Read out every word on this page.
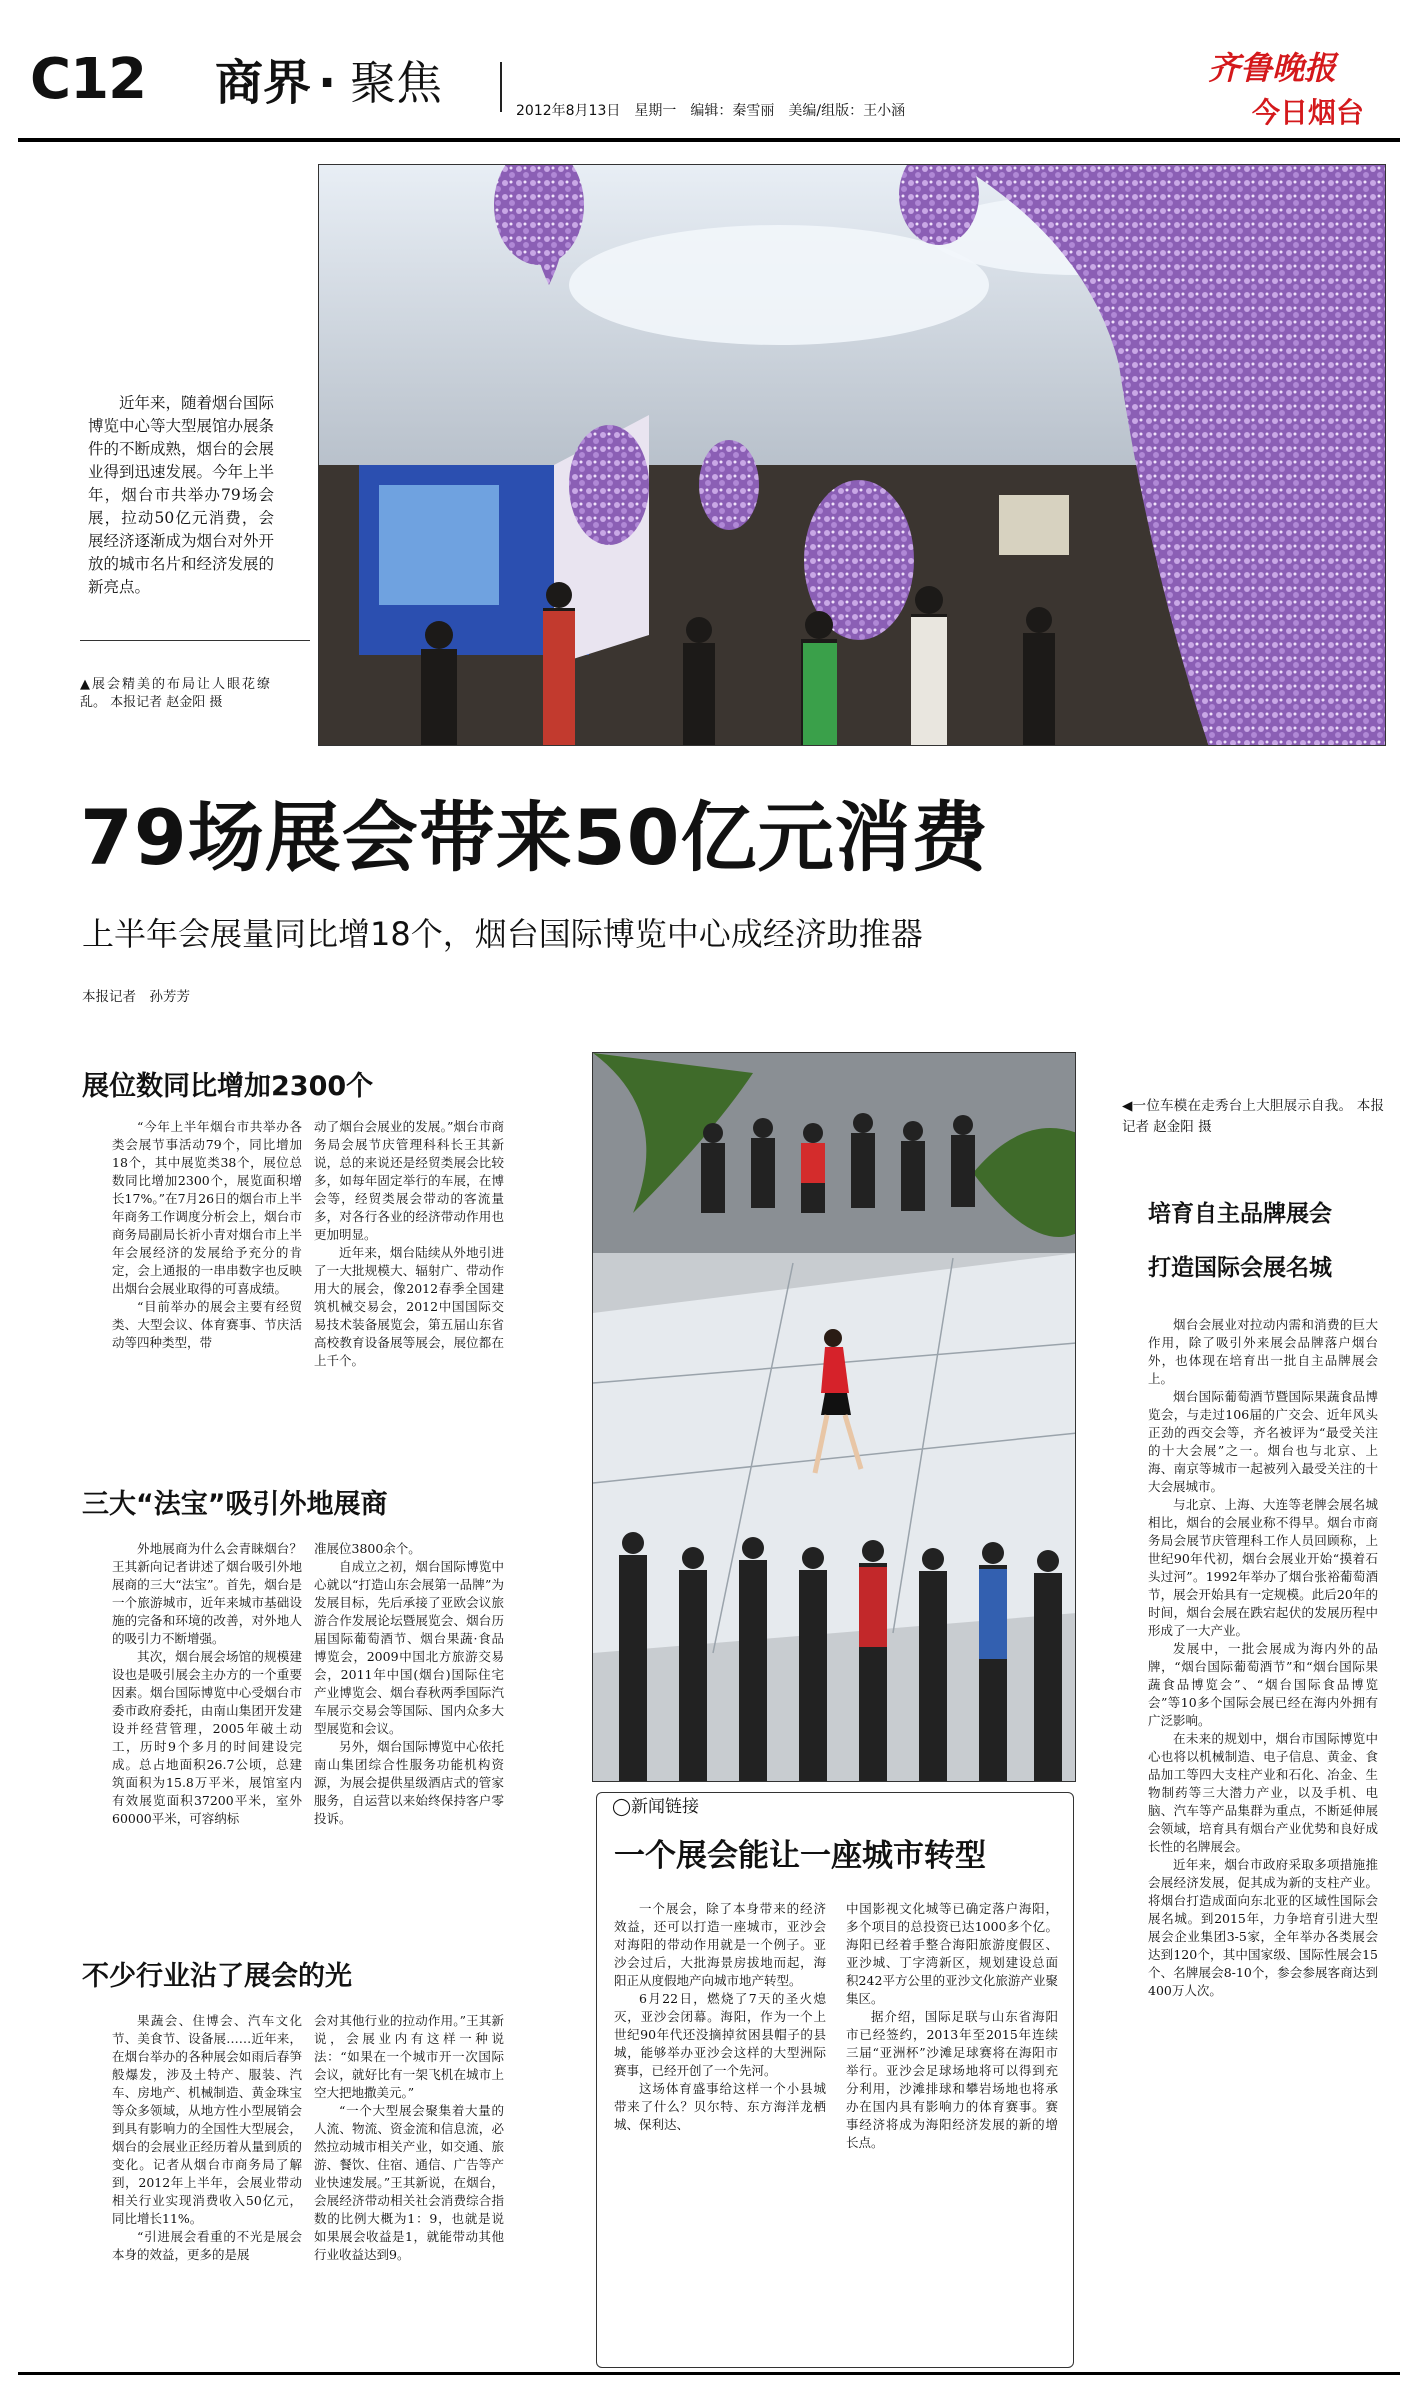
C12 商界 · 聚焦
2012年8月13日　星期一　编辑：秦雪丽　美编/组版：王小涵
齐鲁晚报
今日烟台
近年来，随着烟台国际博览中心等大型展馆办展条件的不断成熟，烟台的会展业得到迅速发展。今年上半年，烟台市共举办79场会展，拉动50亿元消费，会展经济逐渐成为烟台对外开放的城市名片和经济发展的新亮点。
▲展会精美的布局让人眼花缭乱。 本报记者 赵金阳 摄
79场展会带来50亿元消费
上半年会展量同比增18个，烟台国际博览中心成经济助推器
本报记者　孙芳芳
展位数同比增加2300个

“今年上半年烟台市共举办各类会展节事活动79个，同比增加18个，其中展览类38个，展位总数同比增加2300个，展览面积增长17%。”在7月26日的烟台市上半年商务工作调度分析会上，烟台市商务局副局长祈小青对烟台市上半年会展经济的发展给予充分的肯定，会上通报的一串串数字也反映出烟台会展业取得的可喜成绩。

“目前举办的展会主要有经贸类、大型会议、体育赛事、节庆活动等四种类型，带

动了烟台会展业的发展。”烟台市商务局会展节庆管理科科长王其新说，总的来说还是经贸类展会比较多，如每年固定举行的车展，在博会等，经贸类展会带动的客流量多，对各行各业的经济带动作用也更加明显。

近年来，烟台陆续从外地引进了一大批规模大、辐射广、带动作用大的展会，像2012春季全国建筑机械交易会，2012中国国际交易技术装备展览会，第五届山东省高校教育设备展等展会，展位都在上千个。

三大“法宝”吸引外地展商

外地展商为什么会青睐烟台？王其新向记者讲述了烟台吸引外地展商的三大“法宝”。首先，烟台是一个旅游城市，近年来城市基础设施的完备和环境的改善，对外地人的吸引力不断增强。

其次，烟台展会场馆的规模建设也是吸引展会主办方的一个重要因素。烟台国际博览中心受烟台市委市政府委托，由南山集团开发建设并经营管理，2005年破土动工，历时9个多月的时间建设完成。总占地面积26.7公顷，总建筑面积为15.8万平米，展馆室内有效展览面积37200平米，室外60000平米，可容纳标

准展位3800余个。

自成立之初，烟台国际博览中心就以“打造山东会展第一品牌”为发展目标，先后承接了亚欧会议旅游合作发展论坛暨展览会、烟台历届国际葡萄酒节、烟台果蔬·食品博览会，2009中国北方旅游交易会，2011年中国(烟台)国际住宅产业博览会、烟台春秋两季国际汽车展示交易会等国际、国内众多大型展览和会议。

另外，烟台国际博览中心依托南山集团综合性服务功能机构资源，为展会提供星级酒店式的管家服务，自运营以来始终保持客户零投诉。

不少行业沾了展会的光

果蔬会、住博会、汽车文化节、美食节、设备展……近年来，在烟台举办的各种展会如雨后春笋般爆发，涉及土特产、服装、汽车、房地产、机械制造、黄金珠宝等众多领域，从地方性小型展销会到具有影响力的全国性大型展会，烟台的会展业正经历着从量到质的变化。记者从烟台市商务局了解到，2012年上半年，会展业带动相关行业实现消费收入50亿元，同比增长11%。

“引进展会看重的不光是展会本身的效益，更多的是展

会对其他行业的拉动作用。”王其新说，会展业内有这样一种说法：“如果在一个城市开一次国际会议，就好比有一架飞机在城市上空大把地撒美元。”

“一个大型展会聚集着大量的人流、物流、资金流和信息流，必然拉动城市相关产业，如交通、旅游、餐饮、住宿、通信、广告等产业快速发展。”王其新说，在烟台，会展经济带动相关社会消费综合指数的比例大概为1：9，也就是说如果展会收益是1，就能带动其他行业收益达到9。

◯新闻链接
一个展会能让一座城市转型

一个展会，除了本身带来的经济效益，还可以打造一座城市，亚沙会对海阳的带动作用就是一个例子。亚沙会过后，大批海景房拔地而起，海阳正从度假地产向城市地产转型。

6月22日，燃烧了7天的圣火熄灭，亚沙会闭幕。海阳，作为一个上世纪90年代还没摘掉贫困县帽子的县城，能够举办亚沙会这样的大型洲际赛事，已经开创了一个先河。

这场体育盛事给这样一个小县城带来了什么？贝尔特、东方海洋龙栖城、保利达、

中国影视文化城等已确定落户海阳，多个项目的总投资已达1000多个亿。海阳已经着手整合海阳旅游度假区、亚沙城、丁字湾新区，规划建设总面积242平方公里的亚沙文化旅游产业聚集区。

据介绍，国际足联与山东省海阳市已经签约，2013年至2015年连续三届“亚洲杯”沙滩足球赛将在海阳市举行。亚沙会足球场地将可以得到充分利用，沙滩排球和攀岩场地也将承办在国内具有影响力的体育赛事。赛事经济将成为海阳经济发展的新的增长点。

◀一位车模在走秀台上大胆展示自我。 本报记者 赵金阳 摄
培育自主品牌展会
打造国际会展名城

烟台会展业对拉动内需和消费的巨大作用，除了吸引外来展会品牌落户烟台外，也体现在培育出一批自主品牌展会上。

烟台国际葡萄酒节暨国际果蔬食品博览会，与走过106届的广交会、近年风头正劲的西交会等，齐名被评为“最受关注的十大会展”之一。烟台也与北京、上海、南京等城市一起被列入最受关注的十大会展城市。

与北京、上海、大连等老牌会展名城相比，烟台的会展业称不得早。烟台市商务局会展节庆管理科工作人员回顾称，上世纪90年代初，烟台会展业开始“摸着石头过河”。1992年举办了烟台张裕葡萄酒节，展会开始具有一定规模。此后20年的时间，烟台会展在跌宕起伏的发展历程中形成了一大产业。

发展中，一批会展成为海内外的品牌，“烟台国际葡萄酒节”和“烟台国际果蔬食品博览会”、“烟台国际食品博览会”等10多个国际会展已经在海内外拥有广泛影响。

在未来的规划中，烟台市国际博览中心也将以机械制造、电子信息、黄金、食品加工等四大支柱产业和石化、冶金、生物制药等三大潜力产业，以及手机、电脑、汽车等产品集群为重点，不断延伸展会领域，培育具有烟台产业优势和良好成长性的名牌展会。

近年来，烟台市政府采取多项措施推会展经济发展，促其成为新的支柱产业。将烟台打造成面向东北亚的区域性国际会展名城。到2015年，力争培育引进大型展会企业集团3-5家，全年举办各类展会达到120个，其中国家级、国际性展会15个、名牌展会8-10个，参会参展客商达到400万人次。
